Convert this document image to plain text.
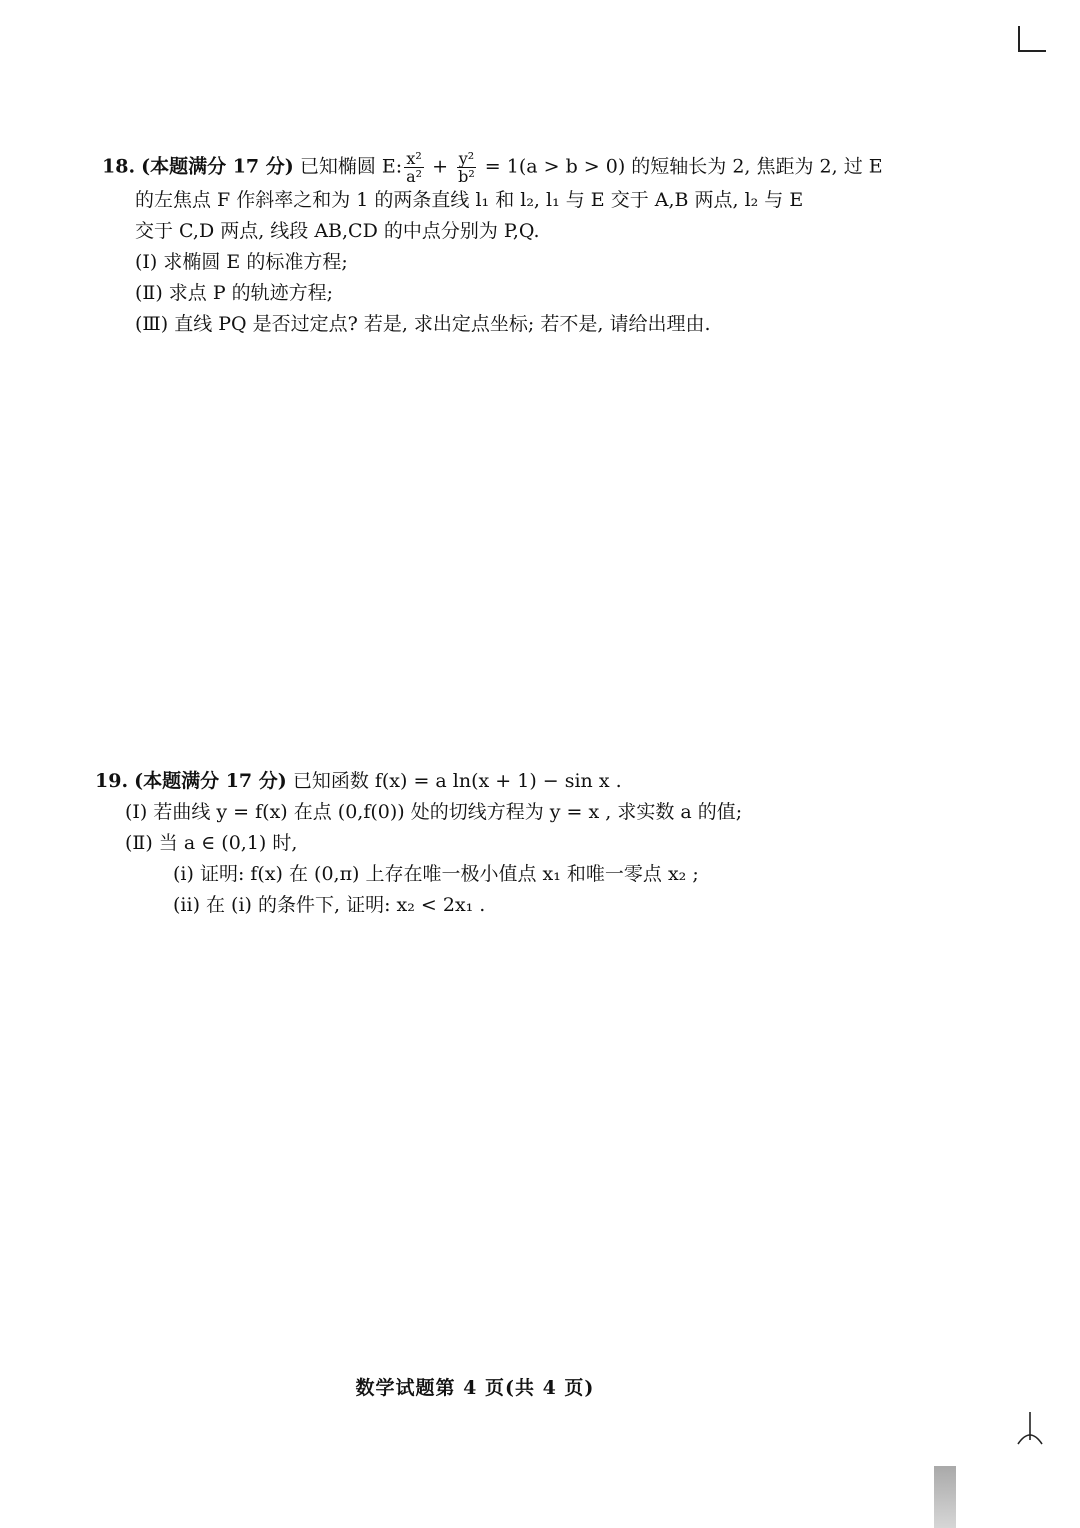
18. (本题满分 17 分) 已知椭圆 E: $\frac{\text{x²}}{\text{a²}} + \frac{\text{y²}}{\text{b²}} = 1(a > b > 0)$ 的短轴长为 2, 焦距为 2, 过 E
的左焦点 F 作斜率之和为 1 的两条直线 l₁ 和 l₂, l₁ 与 E 交于 A,B 两点, l₂ 与 E
交于 C,D 两点, 线段 AB,CD 的中点分别为 P,Q.
(Ⅰ) 求椭圆 E 的标准方程;
(Ⅱ) 求点 P 的轨迹方程;
(Ⅲ) 直线 PQ 是否过定点? 若是, 求出定点坐标; 若不是, 请给出理由.
19. (本题满分 17 分) 已知函数 f(x) = a ln(x + 1) − sin x .
(Ⅰ) 若曲线 y = f(x) 在点 (0,f(0)) 处的切线方程为 y = x , 求实数 a 的值;
(Ⅱ) 当 a ∈ (0,1) 时,
(i) 证明: f(x) 在 (0,π) 上存在唯一极小值点 x₁ 和唯一零点 x₂ ;
(ii) 在 (i) 的条件下, 证明: x₂ < 2x₁ .
数学试题第 4 页(共 4 页)
